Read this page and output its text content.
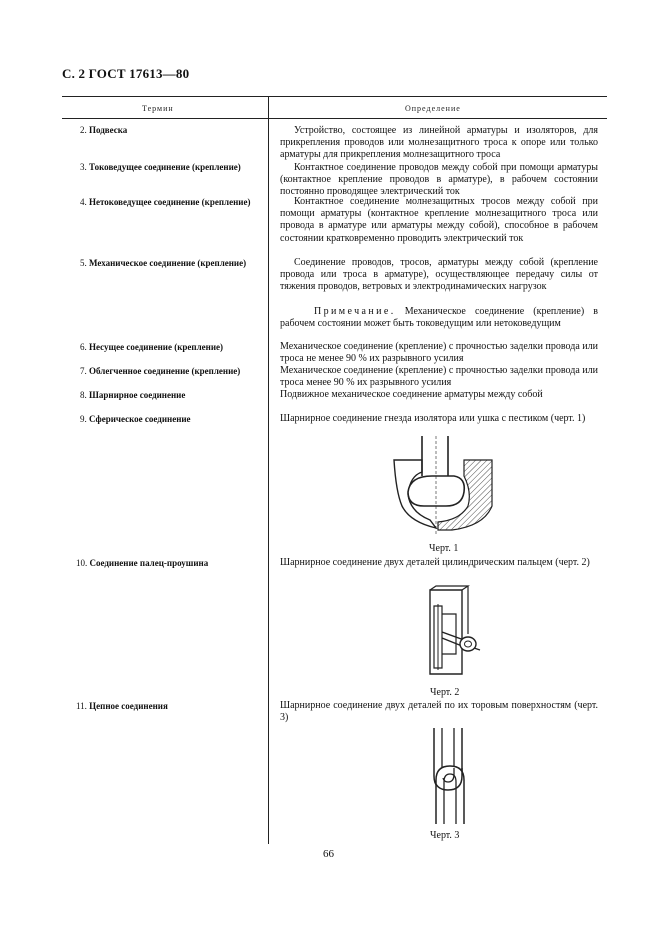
С. 2 ГОСТ 17613—80
Термин	Определение
2. Подвеска	Устройство, состоящее из линейной арматуры и изоляторов, для прикрепления проводов или молнезащитного троса к опоре или только арматуры для прикрепления молнезащитного троса

3. Токоведущее соединение (крепление)	Контактное соединение проводов между собой при помощи арматуры (контактное крепление проводов в арматуре), в рабочем состоянии постоянно проводящее электрический ток

4. Нетоковедущее соединение (крепление)	Контактное соединение молнезащитных тросов между собой при помощи арматуры (контактное крепление молнезащитного троса или провода в арматуре или арматуры между собой), способное в рабочем состоянии кратковременно проводить электрический ток

5. Механическое соединение (крепление)	Соединение проводов, тросов, арматуры между собой (крепление провода или троса в арматуре), осуществляющее передачу силы от тяжения проводов, ветровых и электродинамических нагрузок

Примечание. Механическое соединение (крепление) в рабочем состоянии может быть токоведущим или нетоковедущим

6. Несущее соединение (крепление)	Механическое соединение (крепление) с прочностью заделки провода или троса не менее 90 % их разрывного усилия

7. Облегченное соединение (крепление)	Механическое соединение (крепление) с прочностью заделки провода или троса менее 90 % их разрывного усилия

8. Шарнирное соединение	Подвижное механическое соединение арматуры между собой

9. Сферическое соединение	Шарнирное соединение гнезда изолятора или ушка с пестиком (черт. 1)

Черт. 1
10. Соединение палец-проушина	Шарнирное соединение двух деталей цилиндрическим пальцем (черт. 2)

Черт. 2
11. Цепное соединения	Шарнирное соединение двух деталей по их торовым поверхностям (черт. 3)

Черт. 3
66
